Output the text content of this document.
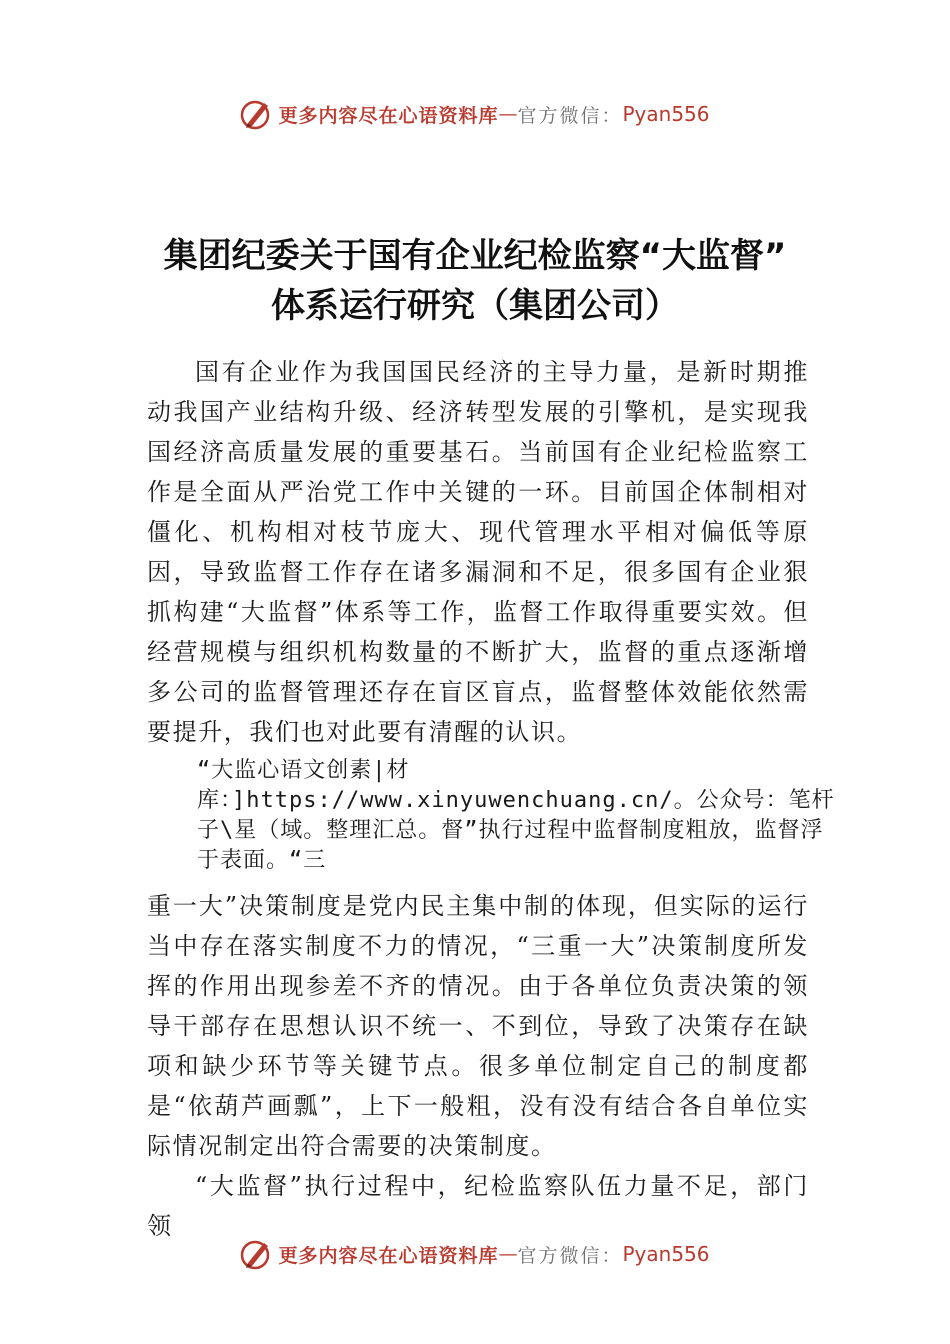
更多内容尽在心语资料库 — 官方微信： Pyan556
集团纪委关于国有企业纪检监察“大监督”
体系运行研究（集团公司）

国有企业作为我国国民经济的主导力量，是新时期推动我国产业结构升级、经济转型发展的引擎机，是实现我国经济高质量发展的重要基石。当前国有企业纪检监察工作是全面从严治党工作中关键的一环。目前国企体制相对僵化、机构相对枝节庞大、现代管理水平相对偏低等原因，导致监督工作存在诸多漏洞和不足，很多国有企业狠抓构建“大监督”体系等工作，监督工作取得重要实效。但经营规模与组织机构数量的不断扩大，监督的重点逐渐增多公司的监督管理还存在盲区盲点，监督整体效能依然需要提升，我们也对此要有清醒的认识。

“大监心语文创素|材库：]https://www.xinyuwenchuang.cn/。公众号：笔杆子\星（域。整理汇总。督”执行过程中监督制度粗放，监督浮于表面。“三

重一大”决策制度是党内民主集中制的体现，但实际的运行当中存在落实制度不力的情况，“三重一大”决策制度所发挥的作用出现参差不齐的情况。由于各单位负责决策的领导干部存在思想认识不统一、不到位，导致了决策存在缺项和缺少环节等关键节点。很多单位制定自己的制度都是“依葫芦画瓢”，上下一般粗，没有没有结合各自单位实际情况制定出符合需要的决策制度。

“大监督”执行过程中，纪检监察队伍力量不足，部门领

更多内容尽在心语资料库 — 官方微信： Pyan556
